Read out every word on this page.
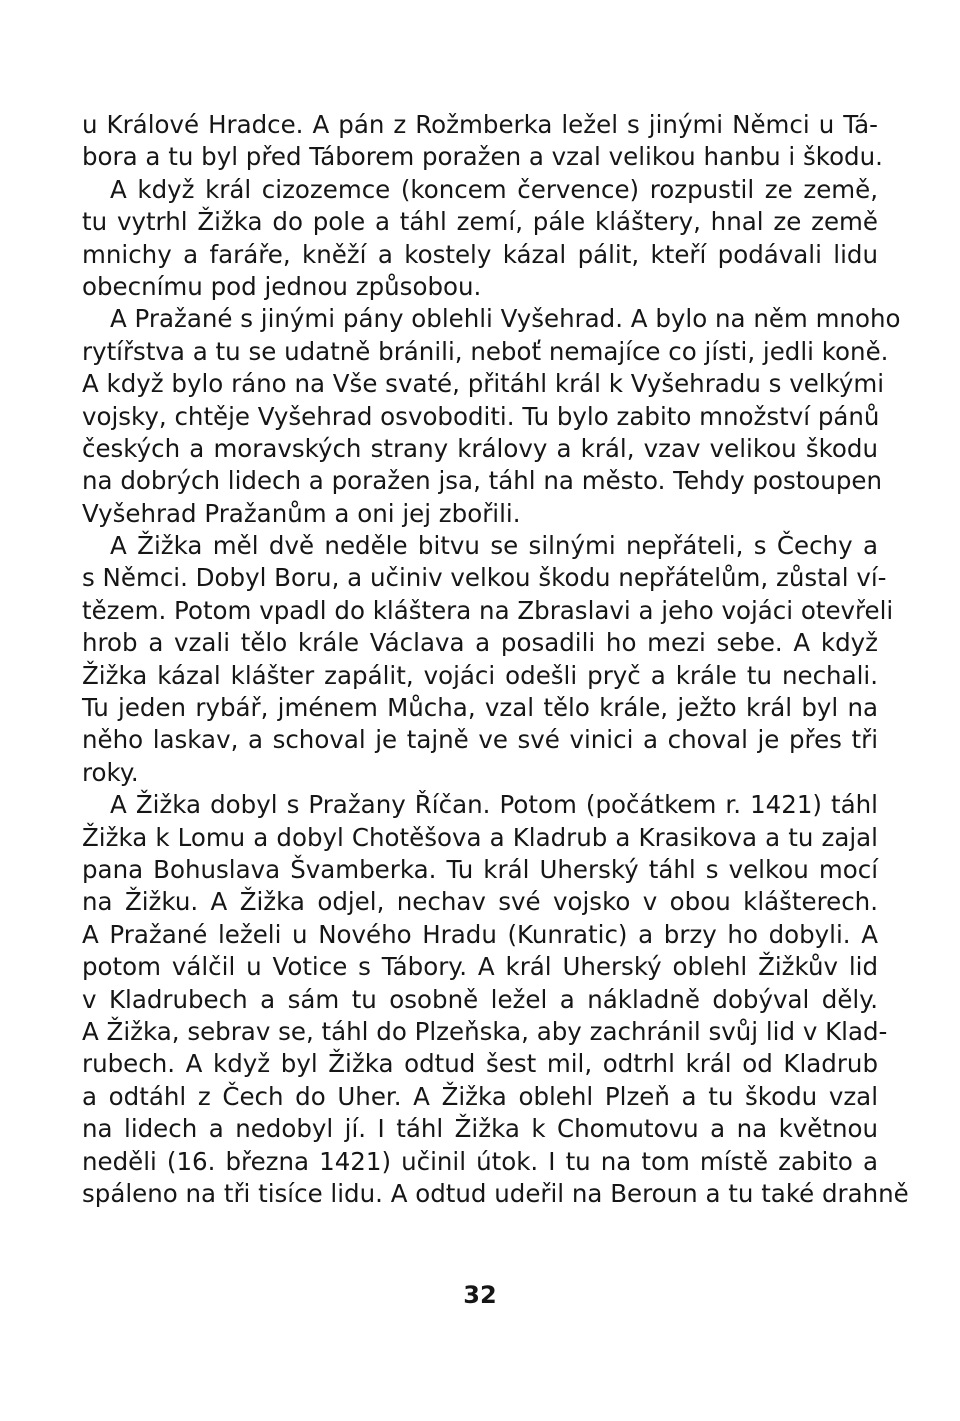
u Králové Hradce. A pán z Rožmberka ležel s jinými Němci u Tá-
bora a tu byl před Táborem poražen a vzal velikou hanbu i škodu.

A když král cizozemce (koncem července) rozpustil ze země,
tu vytrhl Žižka do pole a táhl zemí, pále kláštery, hnal ze země
mnichy a faráře, kněží a kostely kázal pálit, kteří podávali lidu
obecnímu pod jednou způsobou.

A Pražané s jinými pány oblehli Vyšehrad. A bylo na něm mnoho
rytířstva a tu se udatně bránili, neboť nemajíce co jísti, jedli koně.
A když bylo ráno na Vše svaté, přitáhl král k Vyšehradu s velkými
vojsky, chtěje Vyšehrad osvoboditi. Tu bylo zabito množství pánů
českých a moravských strany královy a král, vzav velikou škodu
na dobrých lidech a poražen jsa, táhl na město. Tehdy postoupen
Vyšehrad Pražanům a oni jej zbořili.

A Žižka měl dvě neděle bitvu se silnými nepřáteli, s Čechy a
s Němci. Dobyl Boru, a učiniv velkou škodu nepřátelům, zůstal ví-
tězem. Potom vpadl do kláštera na Zbraslavi a jeho vojáci otevřeli
hrob a vzali tělo krále Václava a posadili ho mezi sebe. A když
Žižka kázal klášter zapálit, vojáci odešli pryč a krále tu nechali.
Tu jeden rybář, jménem Můcha, vzal tělo krále, ježto král byl na
něho laskav, a schoval je tajně ve své vinici a choval je přes tři
roky.

A Žižka dobyl s Pražany Říčan. Potom (počátkem r. 1421) táhl
Žižka k Lomu a dobyl Chotěšova a Kladrub a Krasikova a tu zajal
pana Bohuslava Švamberka. Tu král Uherský táhl s velkou mocí
na Žižku. A Žižka odjel, nechav své vojsko v obou klášterech.
A Pražané leželi u Nového Hradu (Kunratic) a brzy ho dobyli. A
potom válčil u Votice s Tábory. A král Uherský oblehl Žižkův lid
v Kladrubech a sám tu osobně ležel a nákladně dobýval děly.
A Žižka, sebrav se, táhl do Plzeňska, aby zachránil svůj lid v Klad-
rubech. A když byl Žižka odtud šest mil, odtrhl král od Kladrub
a odtáhl z Čech do Uher. A Žižka oblehl Plzeň a tu škodu vzal
na lidech a nedobyl jí. I táhl Žižka k Chomutovu a na květnou
neděli (16. března 1421) učinil útok. I tu na tom místě zabito a
spáleno na tři tisíce lidu. A odtud udeřil na Beroun a tu také drahně

32
